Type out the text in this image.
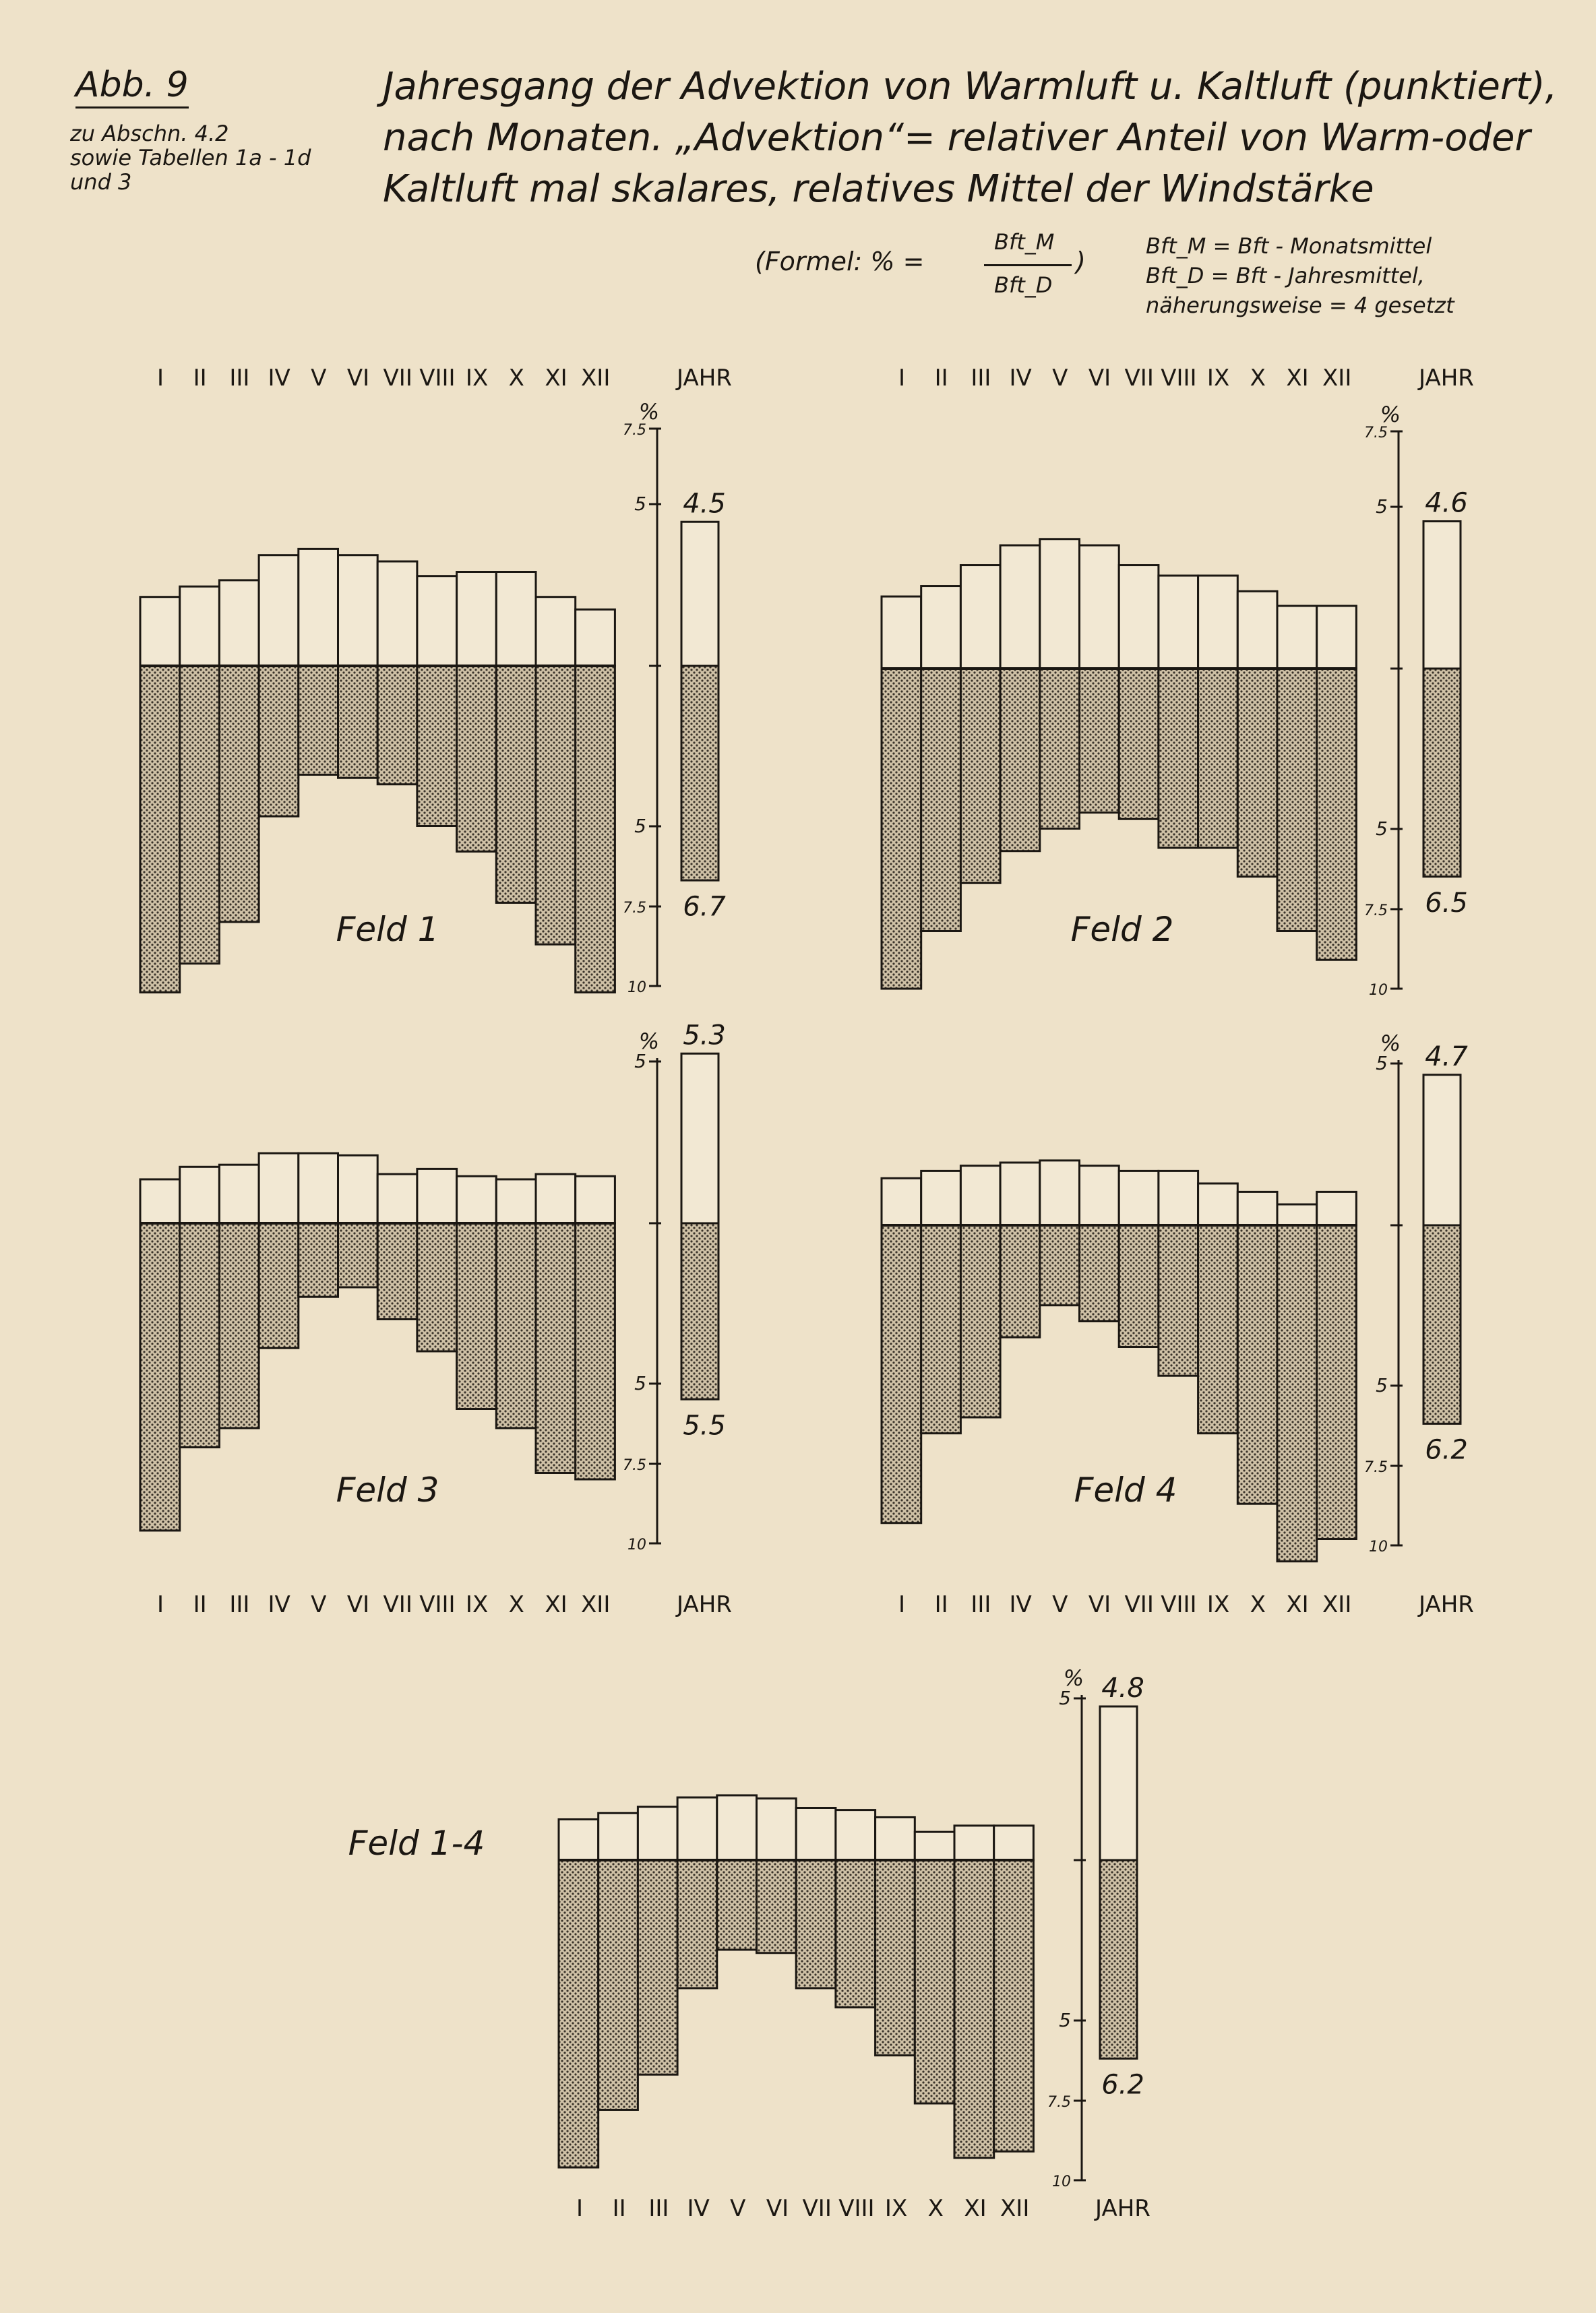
Abb. 9
zu Abschn. 4.2
sowie Tabellen 1a - 1d
und 3
Jahresgang der Advektion von Warmluft u. Kaltluft (punktiert),
nach Monaten. „Advektion“= relativer Anteil von Warm-oder
Kaltluft mal skalares, relatives Mittel der Windstärke
(Formel: % =
Bft_M
Bft_D
)
Bft_M = Bft - Monatsmittel
Bft_D = Bft - Jahresmittel,
näherungsweise = 4 gesetzt
I II III IV V VI VII VIII IX X XI XII	JAHR
4.5
6.7
%
7.5
5
5
7.5
10
Feld 1
I II III IV V VI VII VIII IX X XI XII	JAHR
4.6
6.5
%
7.5
5
5
7.5
10
Feld 2
I II III IV V VI VII VIII IX X XI XII	JAHR
5.3
5.5
%
5
5
7.5
10
Feld 3
I II III IV V VI VII VIII IX X XI XII	JAHR
4.7
6.2
%
5
5
7.5
10
Feld 4
I II III IV V VI VII VIII IX X XI XII	JAHR
4.8
6.2
%
5
5
7.5
10
Feld 1-4
